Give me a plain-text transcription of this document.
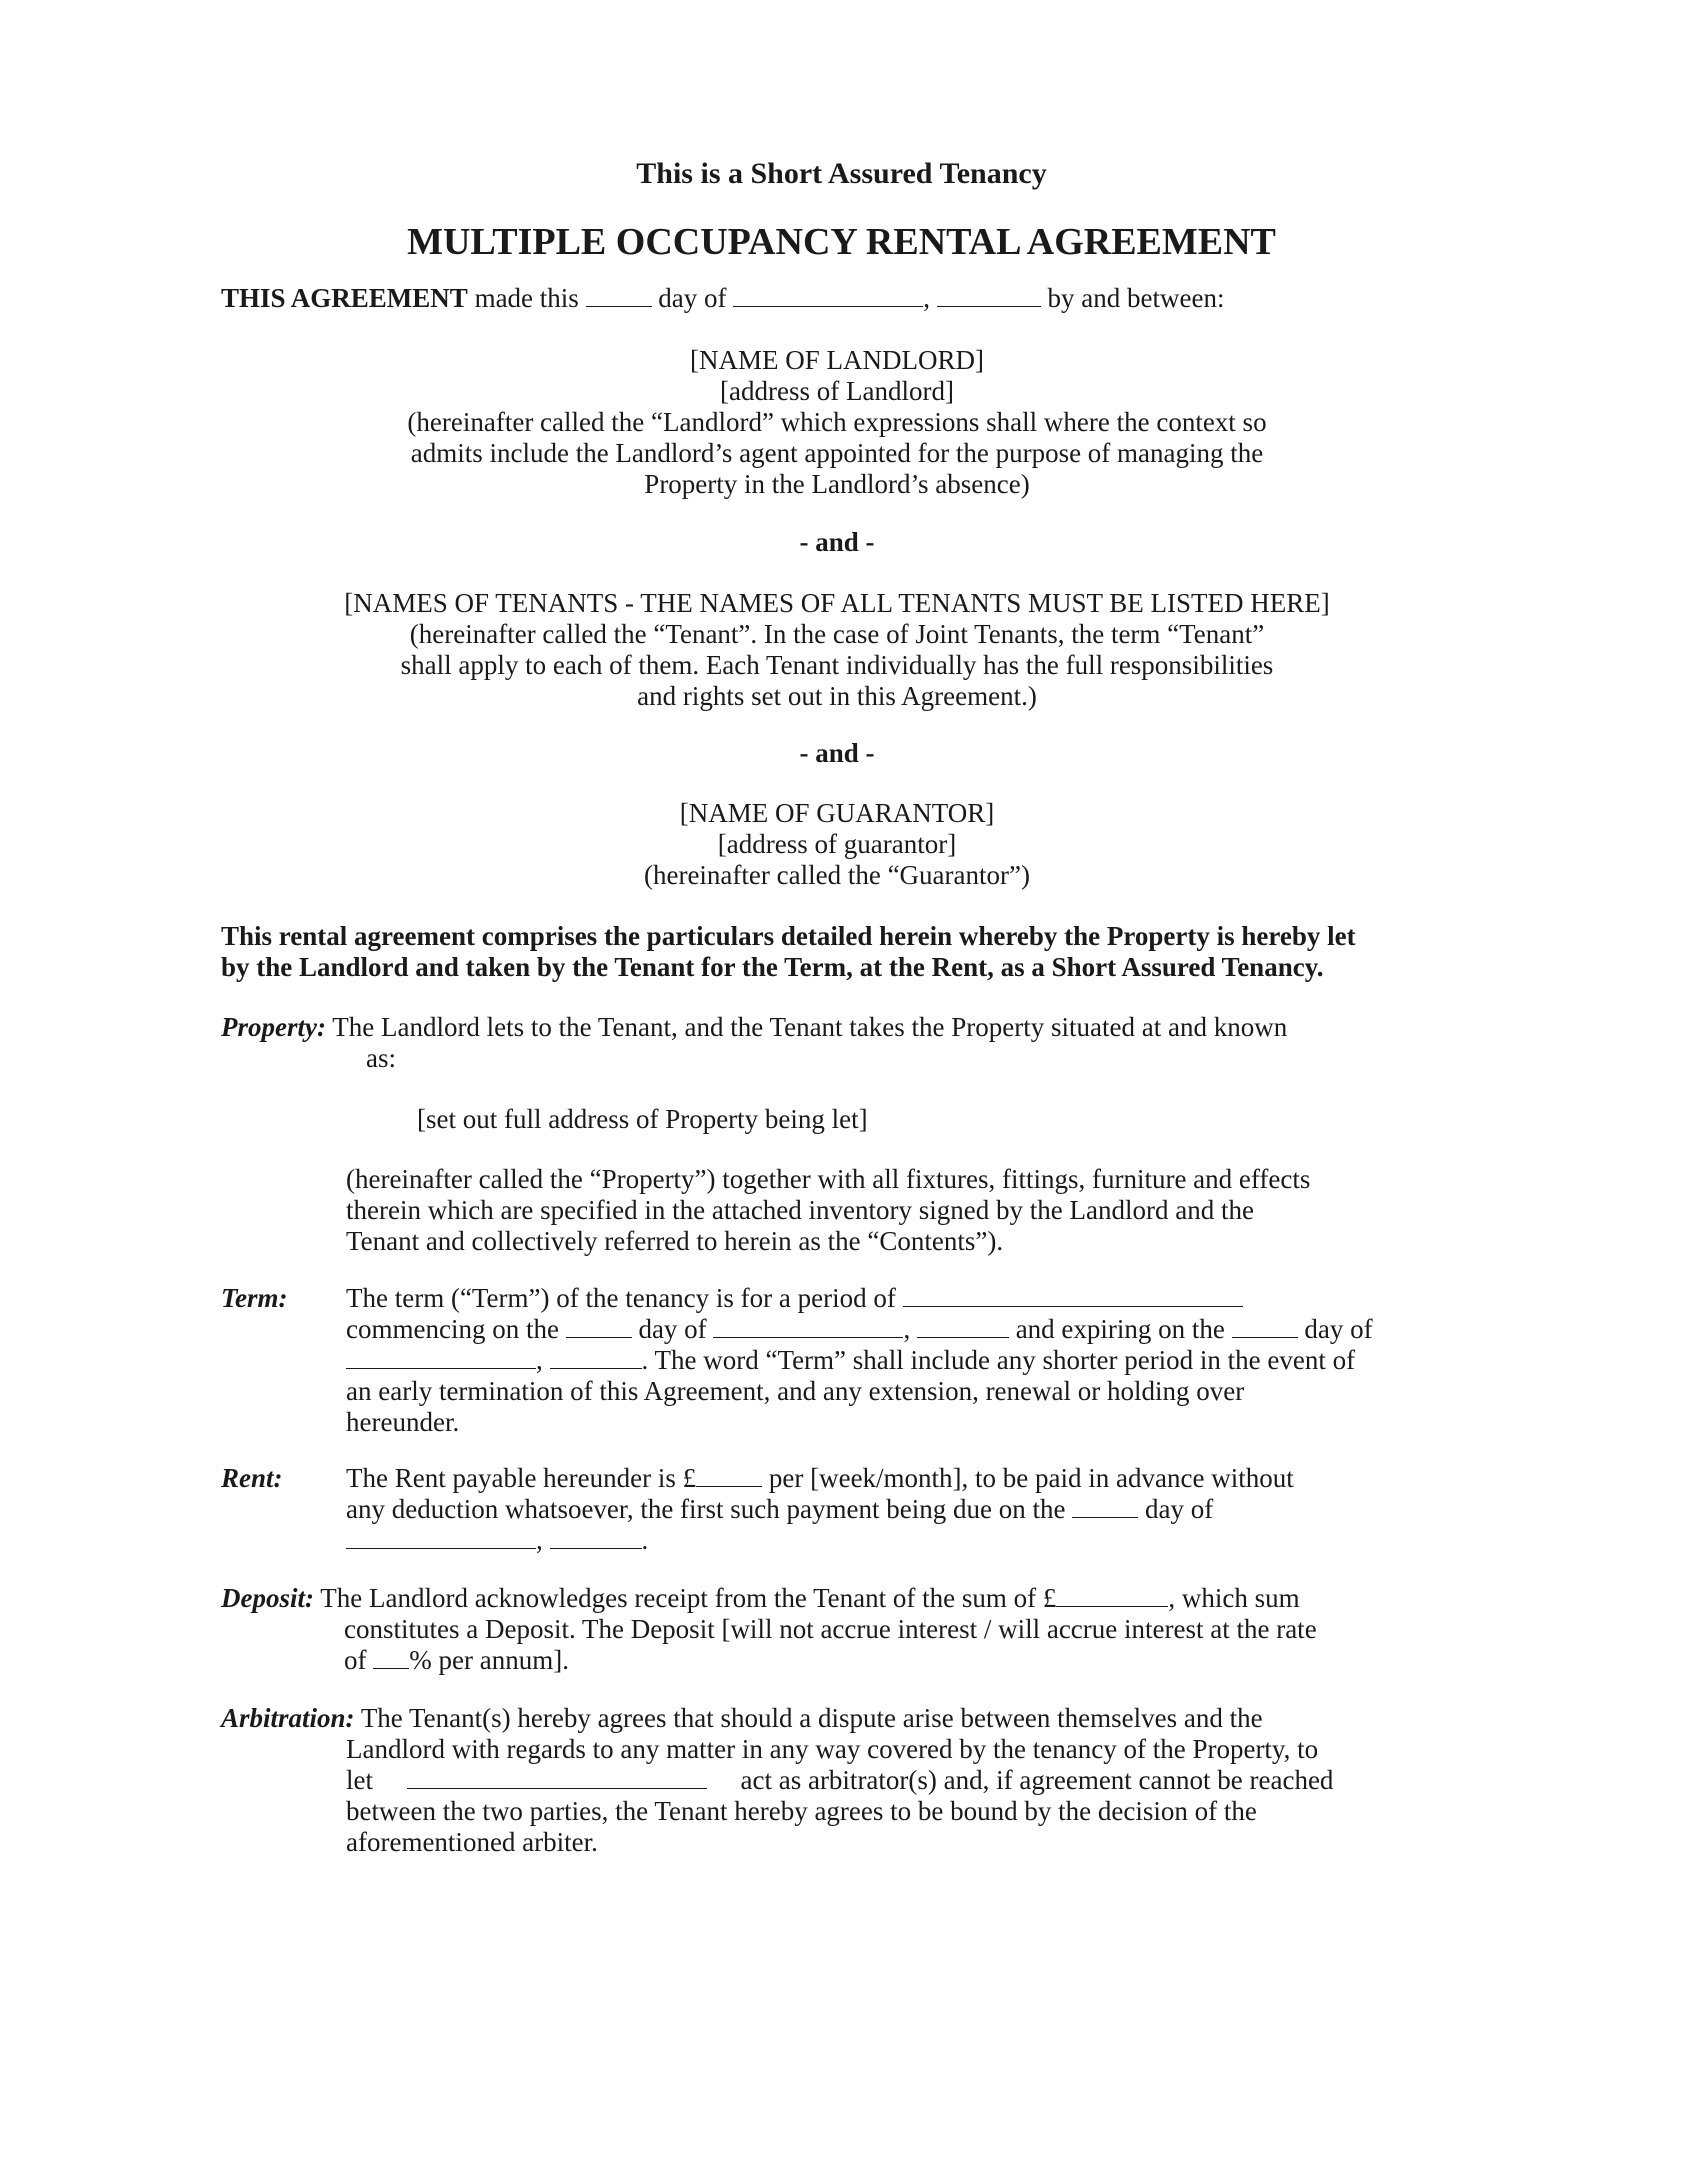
This is a Short Assured Tenancy
MULTIPLE OCCUPANCY RENTAL AGREEMENT
THIS AGREEMENT made this	day of	,	by and between:
[NAME OF LANDLORD]
[address of Landlord]
(hereinafter called the “Landlord” which expressions shall where the context so
admits include the Landlord’s agent appointed for the purpose of managing the
Property in the Landlord’s absence)
- and -
[NAMES OF TENANTS - THE NAMES OF ALL TENANTS MUST BE LISTED HERE]
(hereinafter called the “Tenant”. In the case of Joint Tenants, the term “Tenant”
shall apply to each of them. Each Tenant individually has the full responsibilities
and rights set out in this Agreement.)
- and -
[NAME OF GUARANTOR]
[address of guarantor]
(hereinafter called the “Guarantor”)
This rental agreement comprises the particulars detailed herein whereby the Property is hereby let
by the Landlord and taken by the Tenant for the Term, at the Rent, as a Short Assured Tenancy.
Property: The Landlord lets to the Tenant, and the Tenant takes the Property situated at and known
as:
[set out full address of Property being let]
(hereinafter called the “Property”) together with all fixtures, fittings, furniture and effects
therein which are specified in the attached inventory signed by the Landlord and the
Tenant and collectively referred to herein as the “Contents”).
Term: The term (“Term”) of the tenancy is for a period of
commencing on the	day of	,	and expiring on the	day of
,	. The word “Term” shall include any shorter period in the event of
an early termination of this Agreement, and any extension, renewal or holding over
hereunder.
Rent: The Rent payable hereunder is £	per [week/month], to be paid in advance without
any deduction whatsoever, the first such payment being due on the	day of
,	.
Deposit: The Landlord acknowledges receipt from the Tenant of the sum of £	, which sum
constitutes a Deposit. The Deposit [will not accrue interest / will accrue interest at the rate
of % per annum].
Arbitration: The Tenant(s) hereby agrees that should a dispute arise between themselves and the
Landlord with regards to any matter in any way covered by the tenancy of the Property, to
let	act as arbitrator(s) and, if agreement cannot be reached
between the two parties, the Tenant hereby agrees to be bound by the decision of the
aforementioned arbiter.
